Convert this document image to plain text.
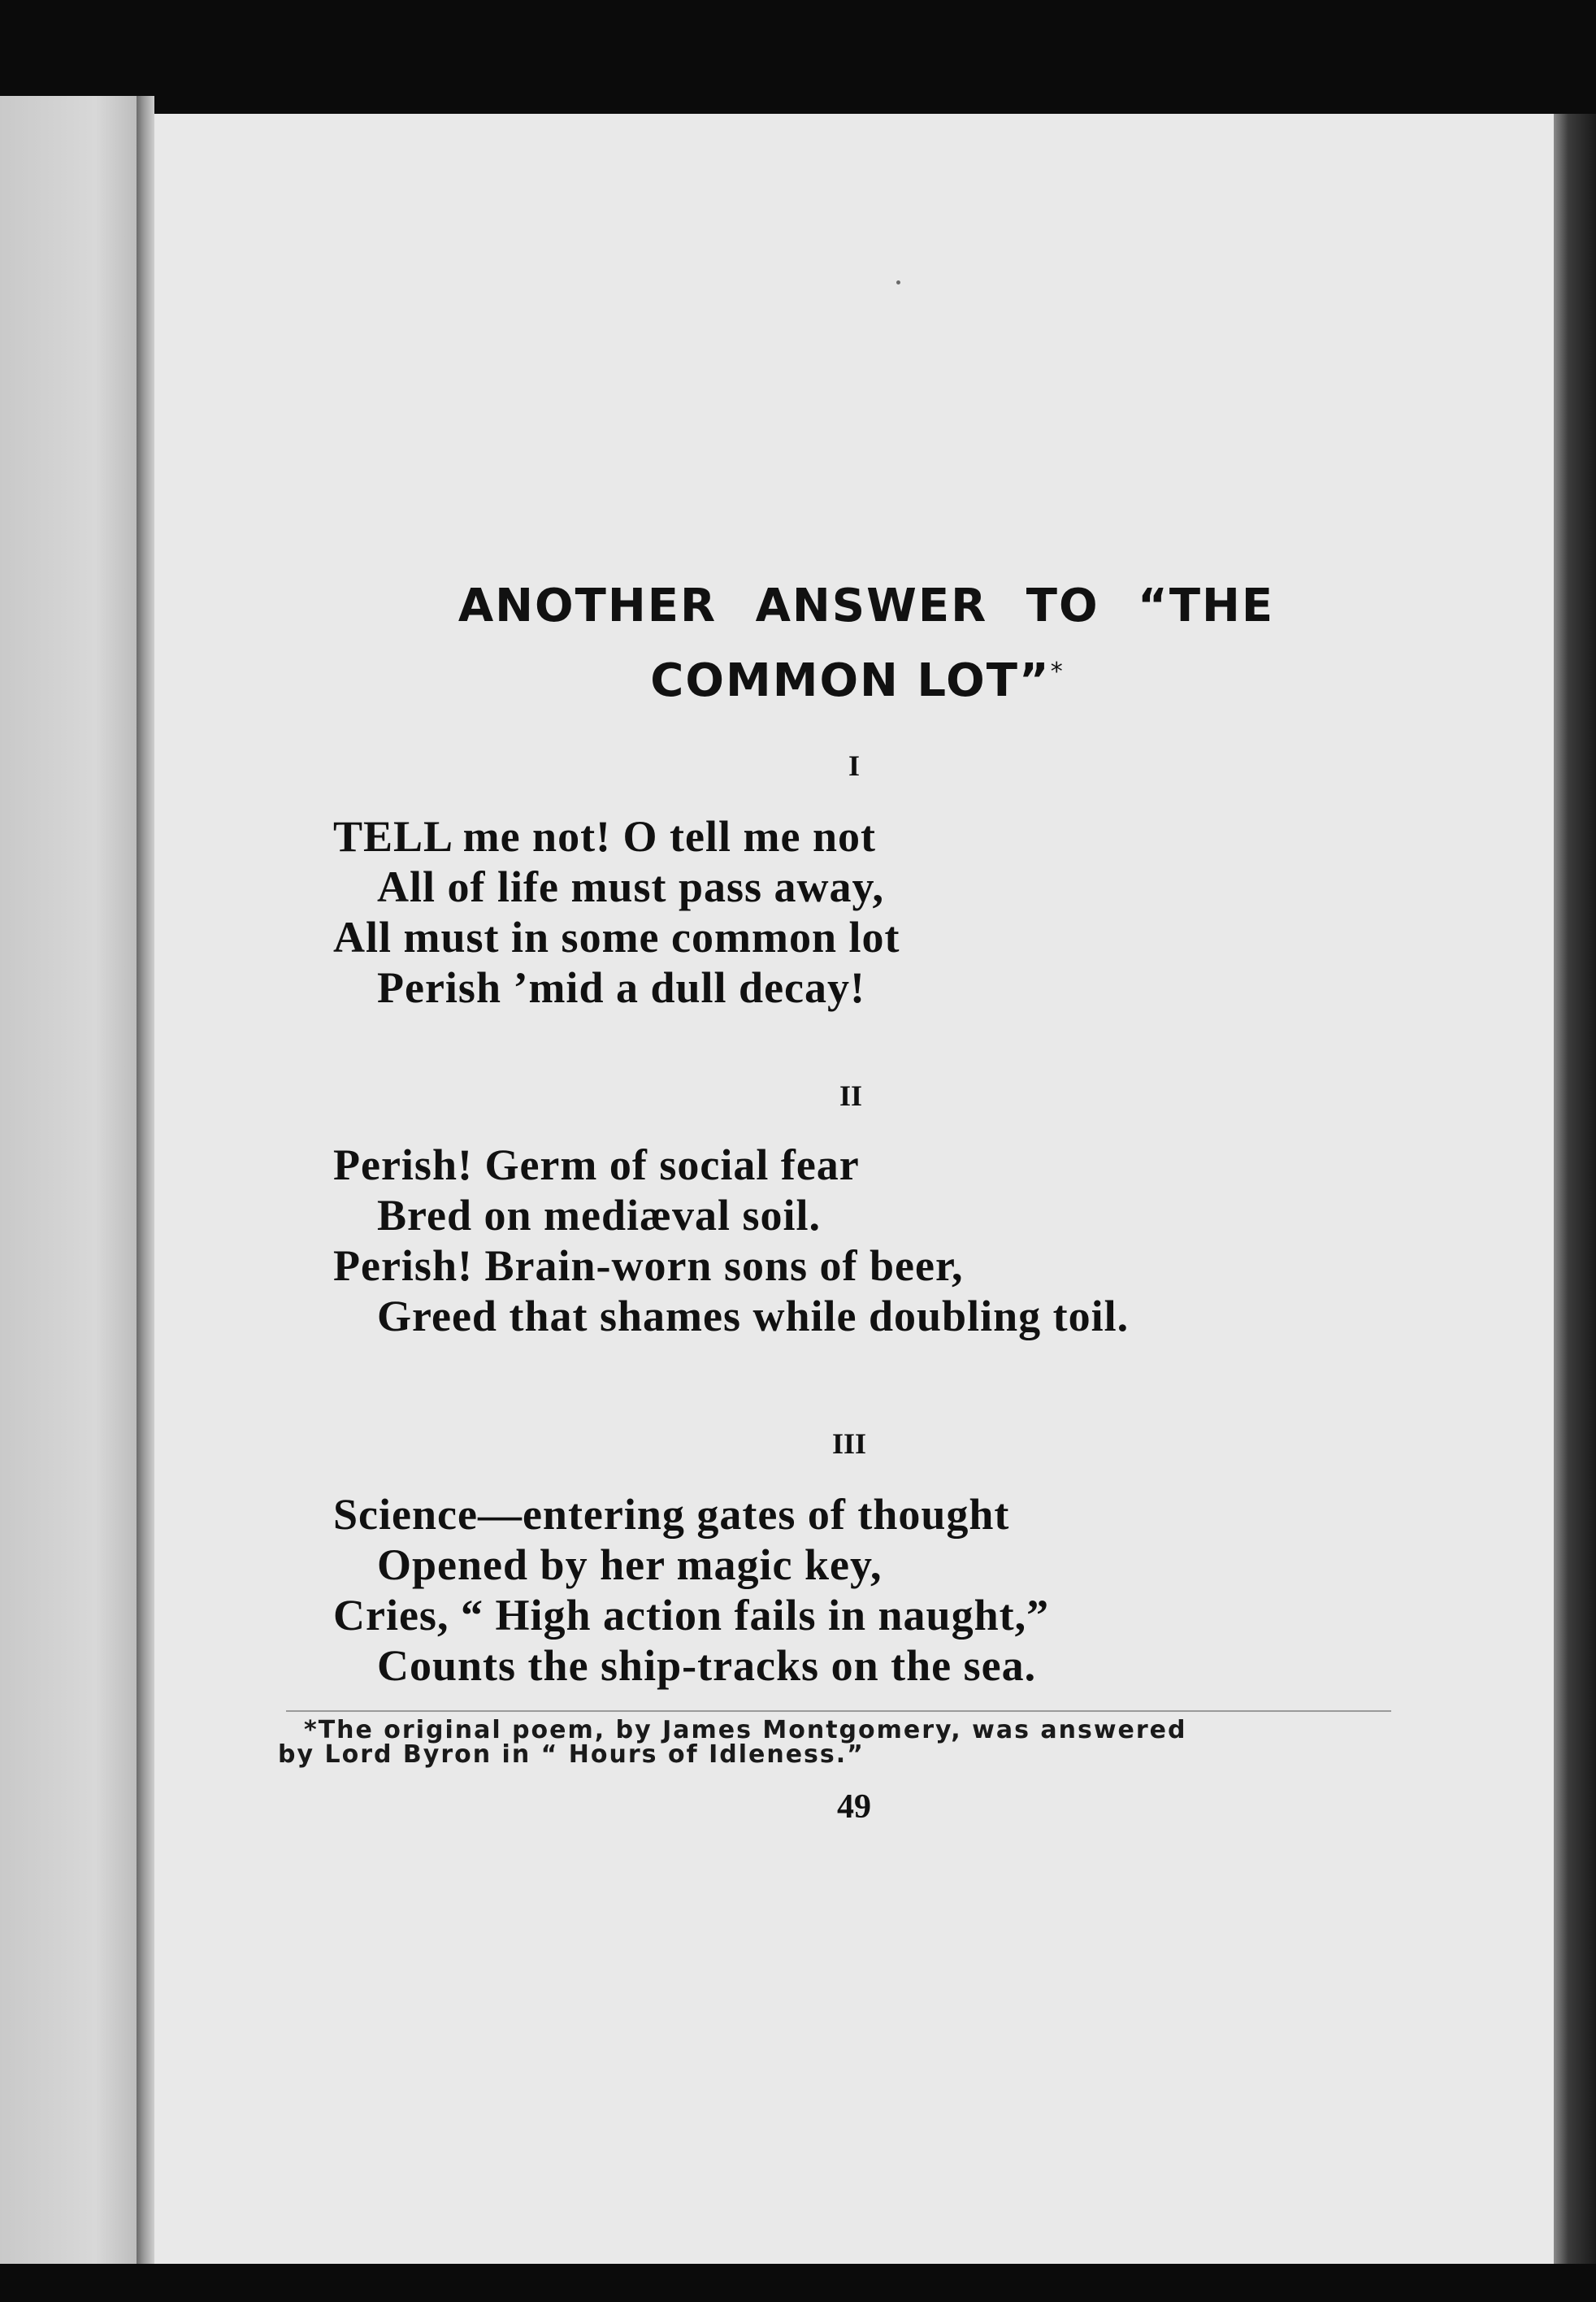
ANOTHER ANSWER TO “THE
COMMON LOT”*
I
TELL me not! O tell me not
All of life must pass away,
All must in some common lot
Perish ’mid a dull decay!
II
Perish! Germ of social fear
Bred on mediæval soil.
Perish! Brain-worn sons of beer,
Greed that shames while doubling toil.
III
Science—entering gates of thought
Opened by her magic key,
Cries, “ High action fails in naught,”
Counts the ship-tracks on the sea.
*The original poem, by James Montgomery, was answered
by Lord Byron in “ Hours of Idleness.”
49
